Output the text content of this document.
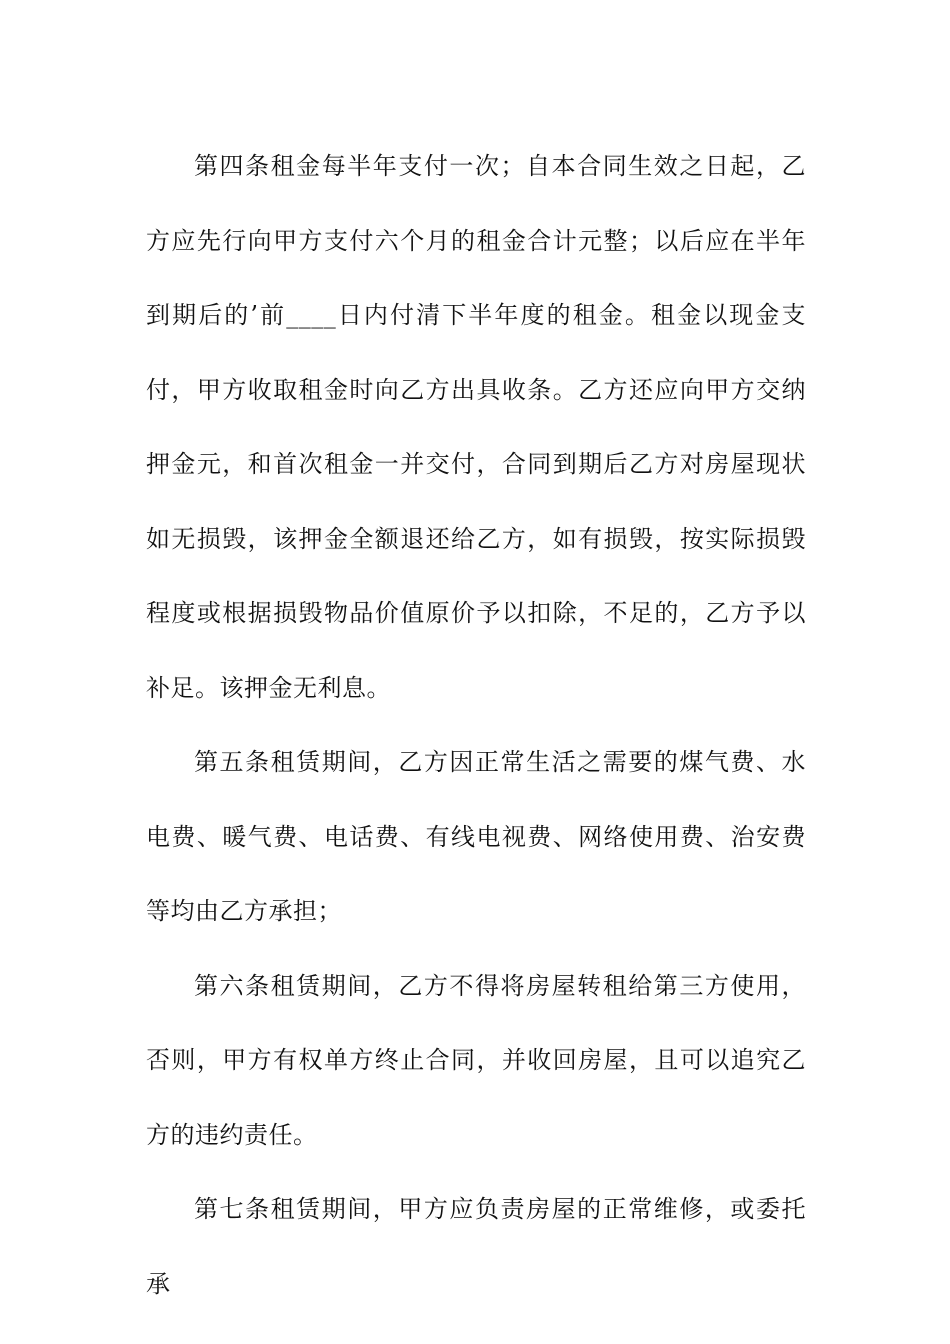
第四条租金每半年支付一次；自本合同生效之日起，乙方应先行向甲方支付六个月的租金合计元整；以后应在半年到期后的’前____日内付清下半年度的租金。租金以现金支付，甲方收取租金时向乙方出具收条。乙方还应向甲方交纳押金元，和首次租金一并交付，合同到期后乙方对房屋现状如无损毁，该押金全额退还给乙方，如有损毁，按实际损毁程度或根据损毁物品价值原价予以扣除，不足的，乙方予以补足。该押金无利息。

第五条租赁期间，乙方因正常生活之需要的煤气费、水电费、暖气费、电话费、有线电视费、网络使用费、治安费等均由乙方承担；

第六条租赁期间，乙方不得将房屋转租给第三方使用，否则，甲方有权单方终止合同，并收回房屋，且可以追究乙方的违约责任。

第七条租赁期间，甲方应负责房屋的正常维修，或委托承
